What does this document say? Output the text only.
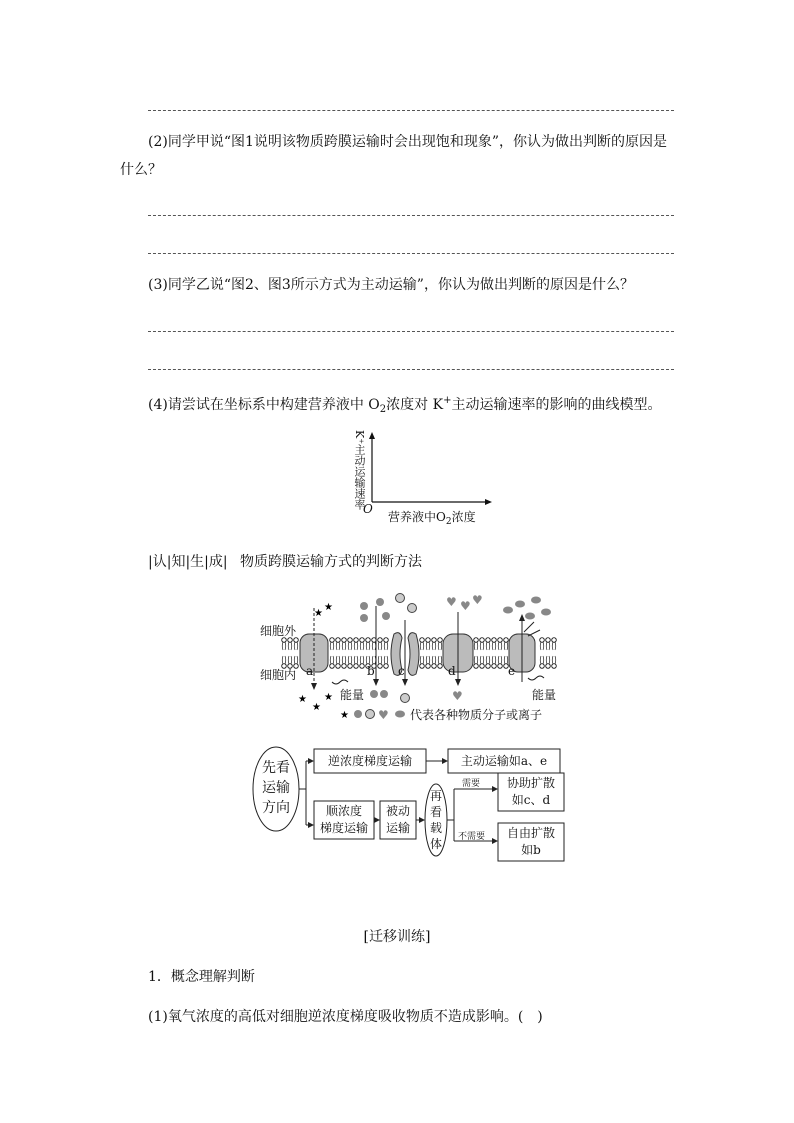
(2)同学甲说“图1说明该物质跨膜运输时会出现饱和现象”，你认为做出判断的原因是
什么？
(3)同学乙说“图2、图3所示方式为主动运输”，你认为做出判断的原因是什么？
(4)请尝试在坐标系中构建营养液中 $O_2$浓度对 K+主动运输速率的影响的曲线模型。
K⁺主动运输速率
O
营养液中$O_2$浓度
|认|知|生|成| 物质跨膜运输方式的判断方法
★
★	♥ ♥ ♥
★
★
★	♥
★ ♥
细胞外
细胞内 a	b c	d	e
能量	能量
代表各种物质分子或离子
先看
运输
方向
逆浓度梯度运输	主动运输如a、e
顺浓度
梯度运输
被动
运输
再
看
载
体
需要
不需要
协助扩散
如c、d
自由扩散
如b
[迁移训练]
1．概念理解判断
(1)氧气浓度的高低对细胞逆浓度梯度吸收物质不造成影响。(　)
